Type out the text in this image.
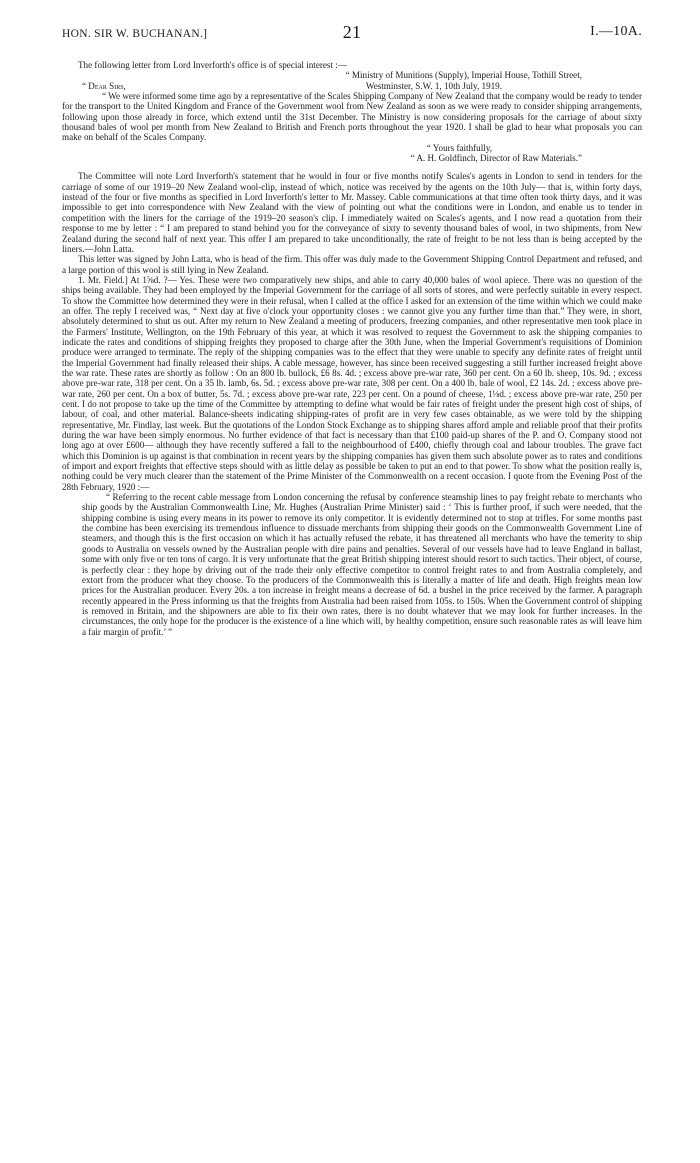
HON. SIR W. BUCHANAN.]	21	I.—10A.

The following letter from Lord Inverforth's office is of special interest :—

“ Ministry of Munitions (Supply), Imperial House, Tothill Street,

“ Dear Sirs,	Westminster, S.W. 1, 10th July, 1919.

“ We were informed some time ago by a representative of the Scales Shipping Company of New Zealand that the company would be ready to tender for the transport to the United Kingdom and France of the Government wool from New Zealand as soon as we were ready to consider shipping arrangements, following upon those already in force, which extend until the 31st December. The Ministry is now considering proposals for the carriage of about sixty thousand bales of wool per month from New Zealand to British and French ports throughout the year 1920. I shall be glad to hear what proposals you can make on behalf of the Scales Company.

“ Yours faithfully,

“ A. H. Goldfinch, Director of Raw Materials.”

The Committee will note Lord Inverforth's statement that he would in four or five months notify Scales's agents in London to send in tenders for the carriage of some of our 1919–20 New Zealand wool-clip, instead of which, notice was received by the agents on the 10th July— that is, within forty days, instead of the four or five months as specified in Lord Inverforth's letter to Mr. Massey. Cable communications at that time often took thirty days, and it was impossible to get into correspondence with New Zealand with the view of pointing out what the conditions were in London, and enable us to tender in competition with the liners for the carriage of the 1919–20 season's clip. I immediately waited on Scales's agents, and I now read a quotation from their response to me by letter : “ I am prepared to stand behind you for the conveyance of sixty to seventy thousand bales of wool, in two shipments, from New Zealand during the second half of next year. This offer I am prepared to take unconditionally, the rate of freight to be not less than is being accepted by the liners.—John Latta.

This letter was signed by John Latta, who is head of the firm. This offer was duly made to the Government Shipping Control Department and refused, and a large portion of this wool is still lying in New Zealand.

1. Mr. Field.] At 1⅝d. ?— Yes. These were two comparatively new ships, and able to carry 40,000 bales of wool apiece. There was no question of the ships being available. They had been employed by the Imperial Government for the carriage of all sorts of stores, and were perfectly suitable in every respect. To show the Committee how determined they were in their refusal, when I called at the office I asked for an extension of the time within which we could make an offer. The reply I received was, “ Next day at five o'clock your opportunity closes : we cannot give you any further time than that.” They were, in short, absolutely determined to shut us out. After my return to New Zealand a meeting of producers, freezing companies, and other representative men took place in the Farmers' Institute, Wellington, on the 19th February of this year, at which it was resolved to request the Government to ask the shipping companies to indicate the rates and conditions of shipping freights they proposed to charge after the 30th June, when the Imperial Government's requisitions of Dominion produce were arranged to terminate. The reply of the shipping companies was to the effect that they were unable to specify any definite rates of freight until the Imperial Government had finally released their ships. A cable message, however, has since been received suggesting a still further increased freight above the war rate. These rates are shortly as follow : On an 800 lb. bullock, £6 8s. 4d. ; excess above pre-war rate, 360 per cent. On a 60 lb. sheep, 10s. 9d. ; excess above pre-war rate, 318 per cent. On a 35 lb. lamb, 6s. 5d. ; excess above pre-war rate, 308 per cent. On a 400 lb. bale of wool, £2 14s. 2d. ; excess above pre-war rate, 260 per cent. On a box of butter, 5s. 7d. ; excess above pre-war rate, 223 per cent. On a pound of cheese, 1⅛d. ; excess above pre-war rate, 250 per cent. I do not propose to take up the time of the Committee by attempting to define what would be fair rates of freight under the present high cost of ships, of labour, of coal, and other material. Balance-sheets indicating shipping-rates of profit are in very few cases obtainable, as we were told by the shipping representative, Mr. Findlay, last week. But the quotations of the London Stock Exchange as to shipping shares afford ample and reliable proof that their profits during the war have been simply enormous. No further evidence of that fact is necessary than that £100 paid-up shares of the P. and O. Company stood not long ago at over £600— although they have recently suffered a fall to the neighbourhood of £400, chiefly through coal and labour troubles. The grave fact which this Dominion is up against is that combination in recent years by the shipping companies has given them such absolute power as to rates and conditions of import and export freights that effective steps should with as little delay as possible be taken to put an end to that power. To show what the position really is, nothing could be very much clearer than the statement of the Prime Minister of the Commonwealth on a recent occasion. I quote from the Evening Post of the 28th February, 1920 :—

“ Referring to the recent cable message from London concerning the refusal by conference steamship lines to pay freight rebate to merchants who ship goods by the Australian Commonwealth Line, Mr. Hughes (Australian Prime Minister) said : ‘ This is further proof, if such were needed, that the shipping combine is using every means in its power to remove its only competitor. It is evidently determined not to stop at trifles. For some months past the combine has been exercising its tremendous influence to dissuade merchants from shipping their goods on the Commonwealth Government Line of steamers, and though this is the first occasion on which it has actually refused the rebate, it has threatened all merchants who have the temerity to ship goods to Australia on vessels owned by the Australian people with dire pains and penalties. Several of our vessels have had to leave England in ballast, some with only five or ten tons of cargo. It is very unfortunate that the great British shipping interest should resort to such tactics. Their object, of course, is perfectly clear : they hope by driving out of the trade their only effective competitor to control freight rates to and from Australia completely, and extort from the producer what they choose. To the producers of the Commonwealth this is literally a matter of life and death. High freights mean low prices for the Australian producer. Every 20s. a ton increase in freight means a decrease of 6d. a bushel in the price received by the farmer. A paragraph recently appeared in the Press informing us that the freights from Australia had been raised from 105s. to 150s. When the Government control of shipping is removed in Britain, and the shipowners are able to fix their own rates, there is no doubt whatever that we may look for further increases. In the circumstances, the only hope for the producer is the existence of a line which will, by healthy competition, ensure such reasonable rates as will leave him a fair margin of profit.’ ”
